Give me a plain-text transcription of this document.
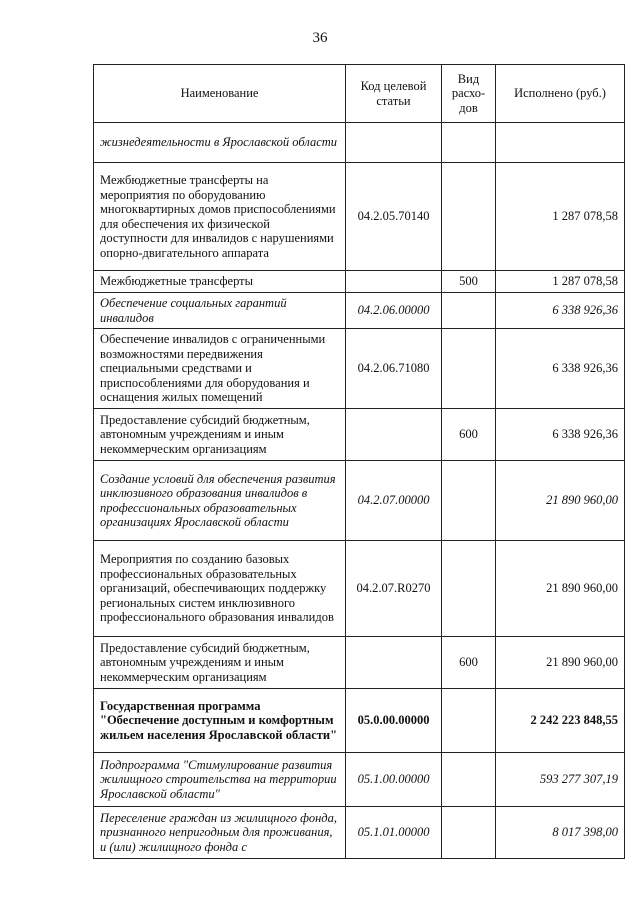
36
Наименование	Код целевой статьи	Вид расхо-дов	Исполнено (руб.)
жизнедеятельности в Ярославской области			
Межбюджетные трансферты на мероприятия по оборудованию многоквартирных домов приспособлениями для обеспечения их физической доступности для инвалидов с нарушениями опорно-двигательного аппарата	04.2.05.70140		1 287 078,58
Межбюджетные трансферты		500	1 287 078,58
Обеспечение социальных гарантий инвалидов	04.2.06.00000		6 338 926,36
Обеспечение инвалидов с ограниченными возможностями передвижения специальными средствами и приспособлениями для оборудования и оснащения жилых помещений	04.2.06.71080		6 338 926,36
Предоставление субсидий бюджетным, автономным учреждениям и иным некоммерческим организациям		600	6 338 926,36
Создание условий для обеспечения развития инклюзивного образования инвалидов в профессиональных образовательных организациях Ярославской области	04.2.07.00000		21 890 960,00
Мероприятия по созданию базовых профессиональных образовательных организаций, обеспечивающих поддержку региональных систем инклюзивного профессионального образования инвалидов	04.2.07.R0270		21 890 960,00
Предоставление субсидий бюджетным, автономным учреждениям и иным некоммерческим организациям		600	21 890 960,00
Государственная программа "Обеспечение доступным и комфортным жильем населения Ярославской области"	05.0.00.00000		2 242 223 848,55
Подпрограмма "Стимулирование развития жилищного строительства на территории Ярославской области"	05.1.00.00000		593 277 307,19
Переселение граждан из жилищного фонда, признанного непригодным для проживания, и (или) жилищного фонда с	05.1.01.00000		8 017 398,00
